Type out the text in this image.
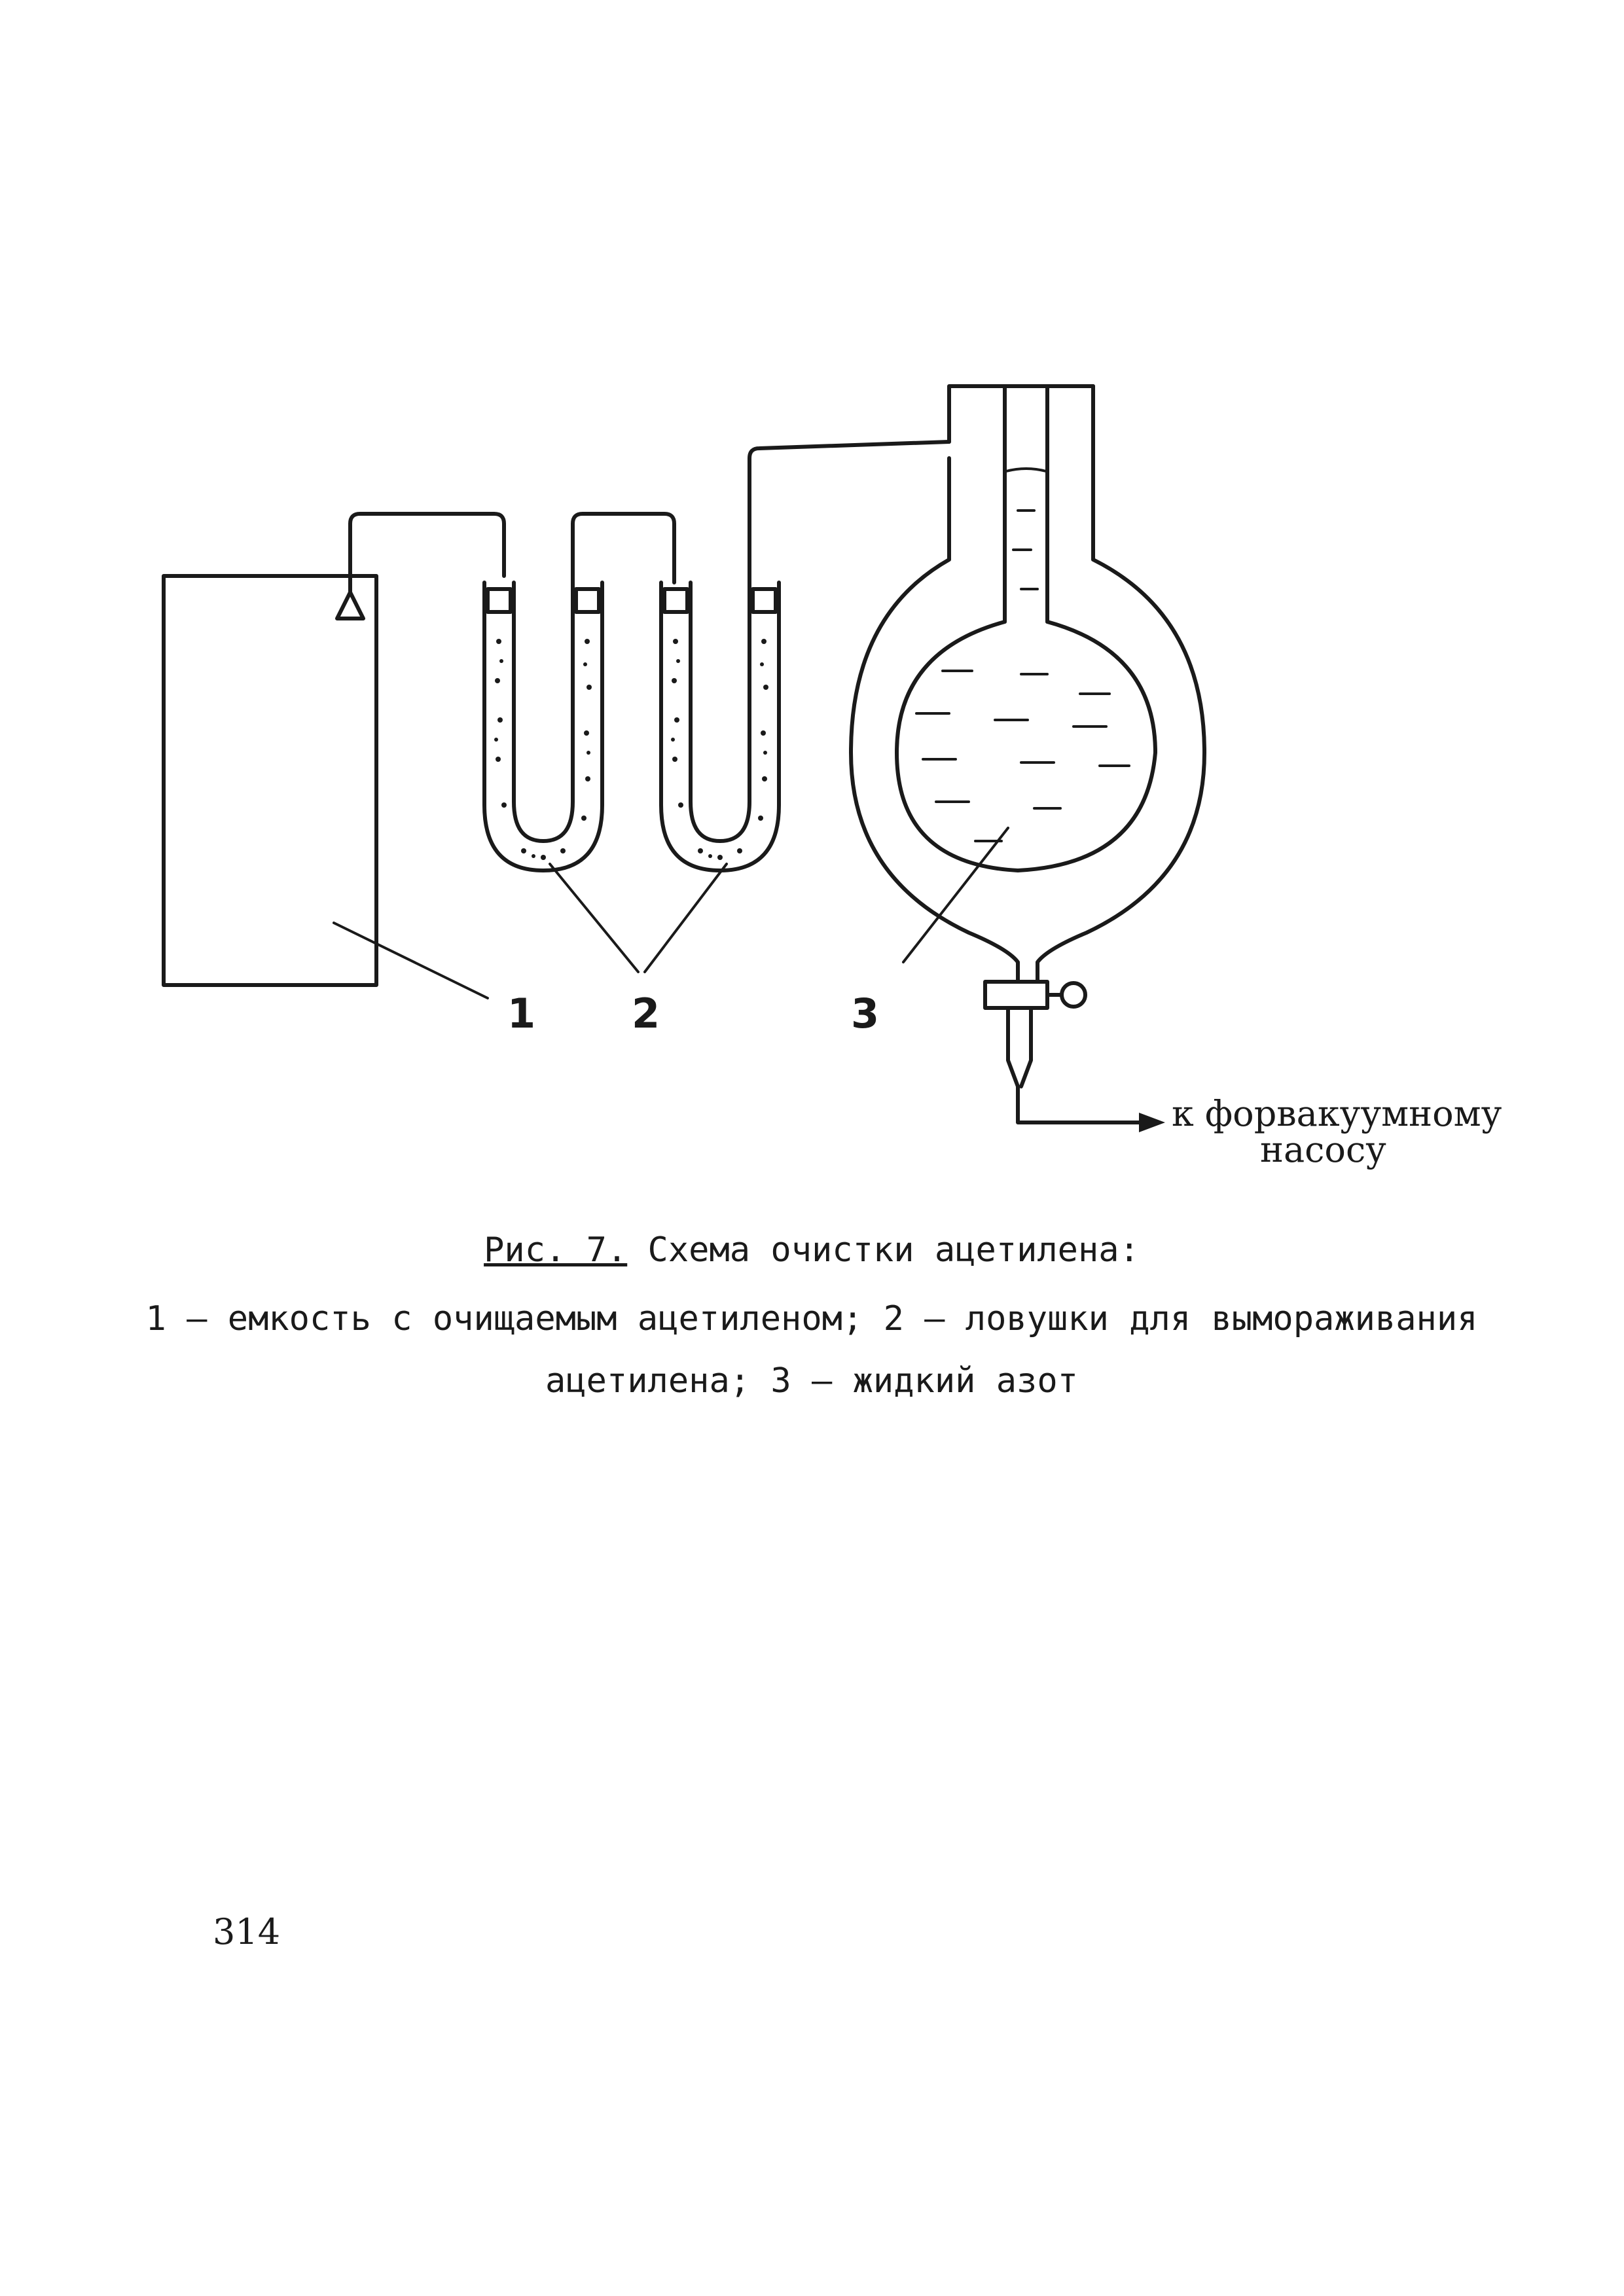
1 2	3
к форвакуумному
насосу
Рис. 7. Схема очистки ацетилена:
1 – емкость с очищаемым ацетиленом; 2 – ловушки для вымораживания
ацетилена; 3 – жидкий азот
314
